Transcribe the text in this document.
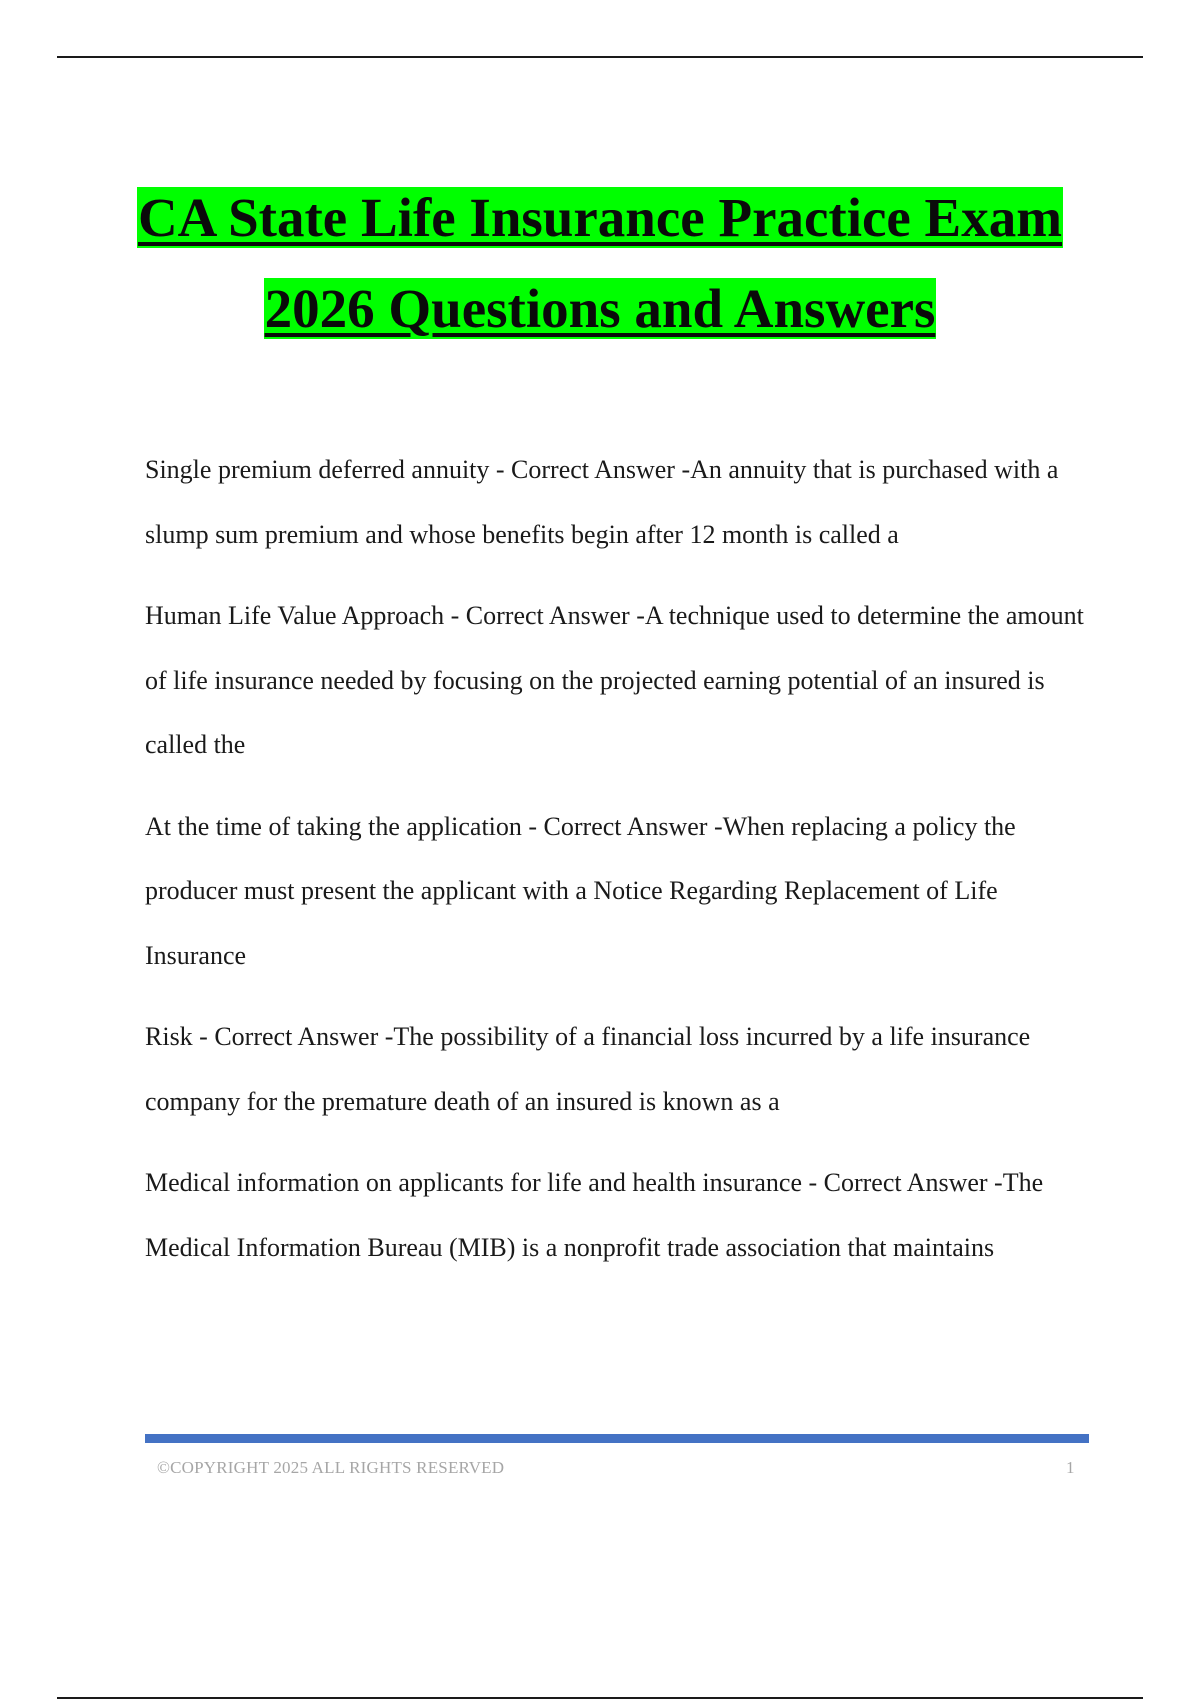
CA State Life Insurance Practice Exam
2026 Questions and Answers

Single premium deferred annuity - Correct Answer -An annuity that is purchased with a slump sum premium and whose benefits begin after 12 month is called a

Human Life Value Approach - Correct Answer -A technique used to determine the amount of life insurance needed by focusing on the projected earning potential of an insured is called the

At the time of taking the application - Correct Answer -When replacing a policy the producer must present the applicant with a Notice Regarding Replacement of Life Insurance

Risk - Correct Answer -The possibility of a financial loss incurred by a life insurance company for the premature death of an insured is known as a

Medical information on applicants for life and health insurance - Correct Answer -The Medical Information Bureau (MIB) is a nonprofit trade association that maintains

©COPYRIGHT 2025 ALL RIGHTS RESERVED	1
